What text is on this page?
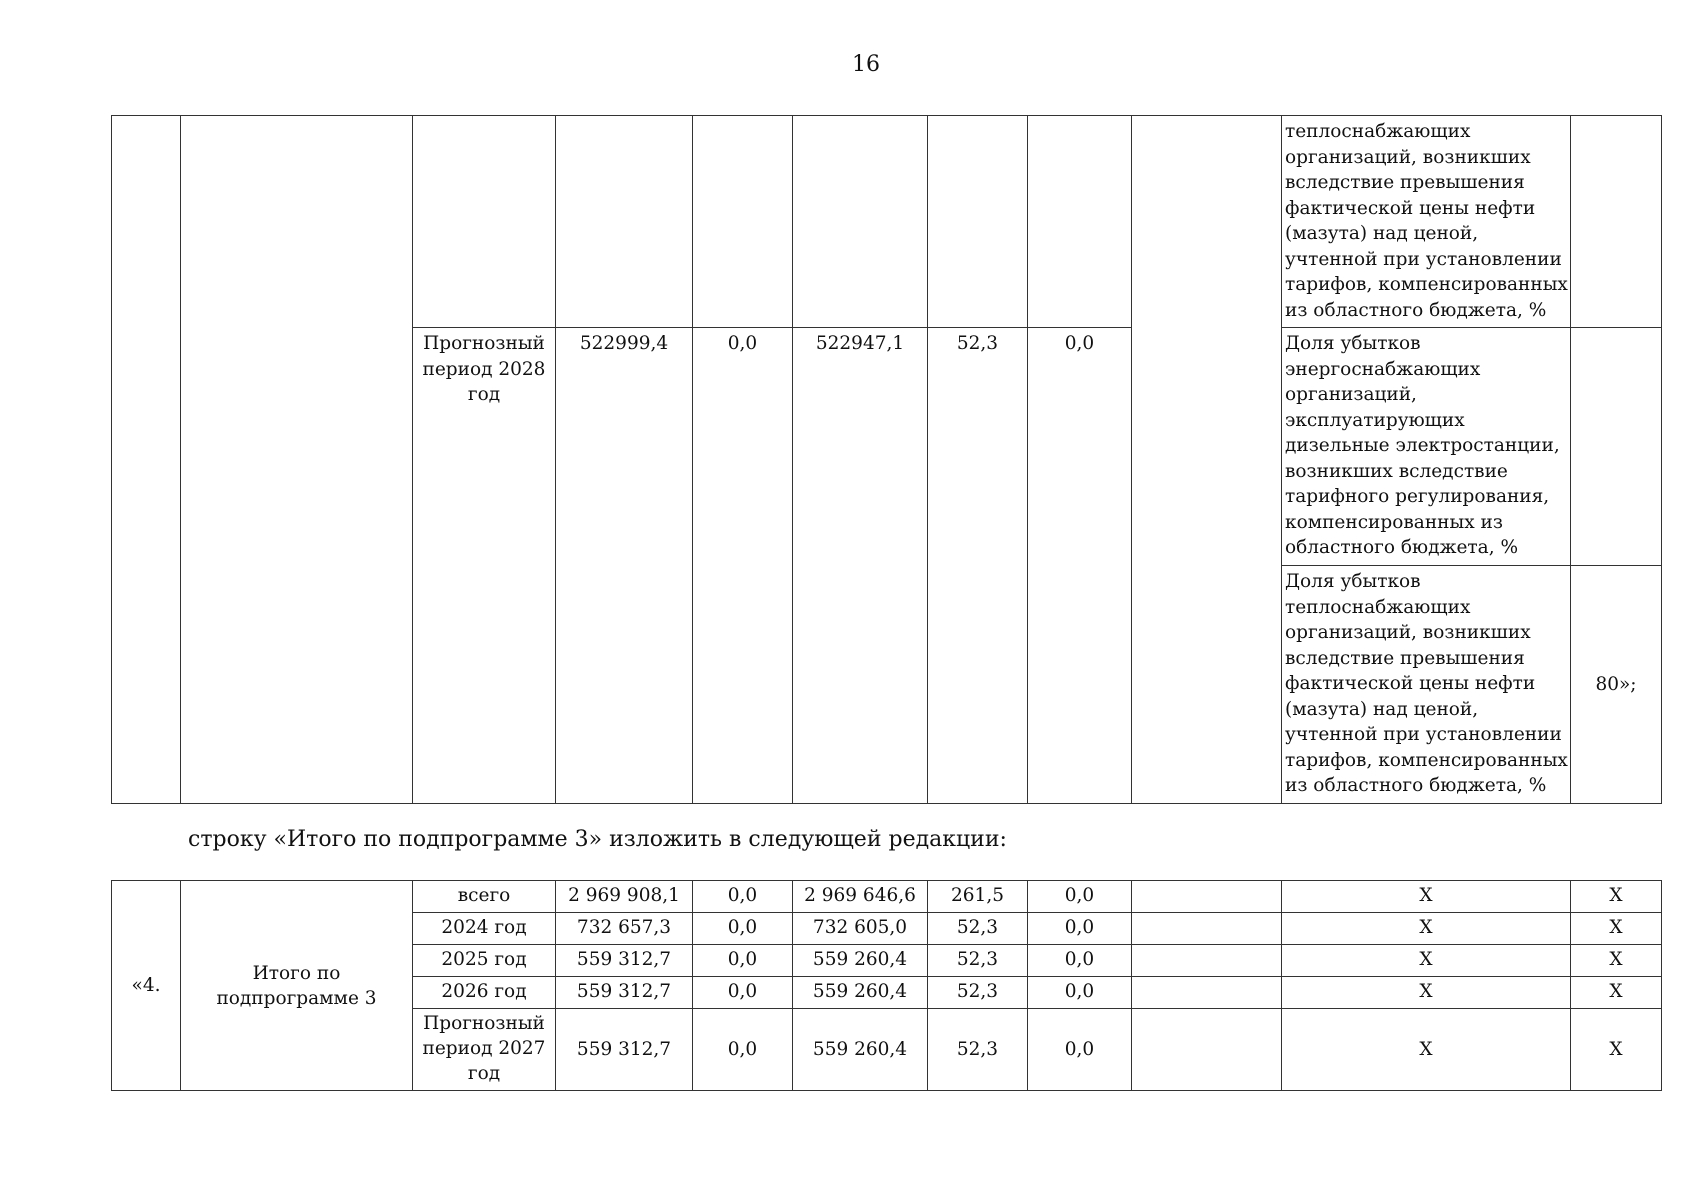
16
									теплоснабжающих организаций, возникших вследствие превышения фактической цены нефти (мазута) над ценой, учтенной при установлении тарифов, компенсированных из областного бюджета, %	
		Прогнозный период 2028 год	522999,4	0,0	522947,1	52,3	0,0		Доля убытков энергоснабжающих организаций, эксплуатирующих дизельные электростанции, возникших вследствие тарифного регулирования, компенсированных из областного бюджета, %	
									Доля убытков теплоснабжающих организаций, возникших вследствие превышения фактической цены нефти (мазута) над ценой, учтенной при установлении тарифов, компенсированных из областного бюджета, %	80»;
строку «Итого по подпрограмме 3» изложить в следующей редакции:
«4.	Итого по подпрограмме 3	всего	2 969 908,1	0,0	2 969 646,6	261,5	0,0		X	X
		2024 год	732 657,3	0,0	732 605,0	52,3	0,0		X	X
		2025 год	559 312,7	0,0	559 260,4	52,3	0,0		X	X
		2026 год	559 312,7	0,0	559 260,4	52,3	0,0		X	X
		Прогнозный период 2027 год	559 312,7	0,0	559 260,4	52,3	0,0		X	X
